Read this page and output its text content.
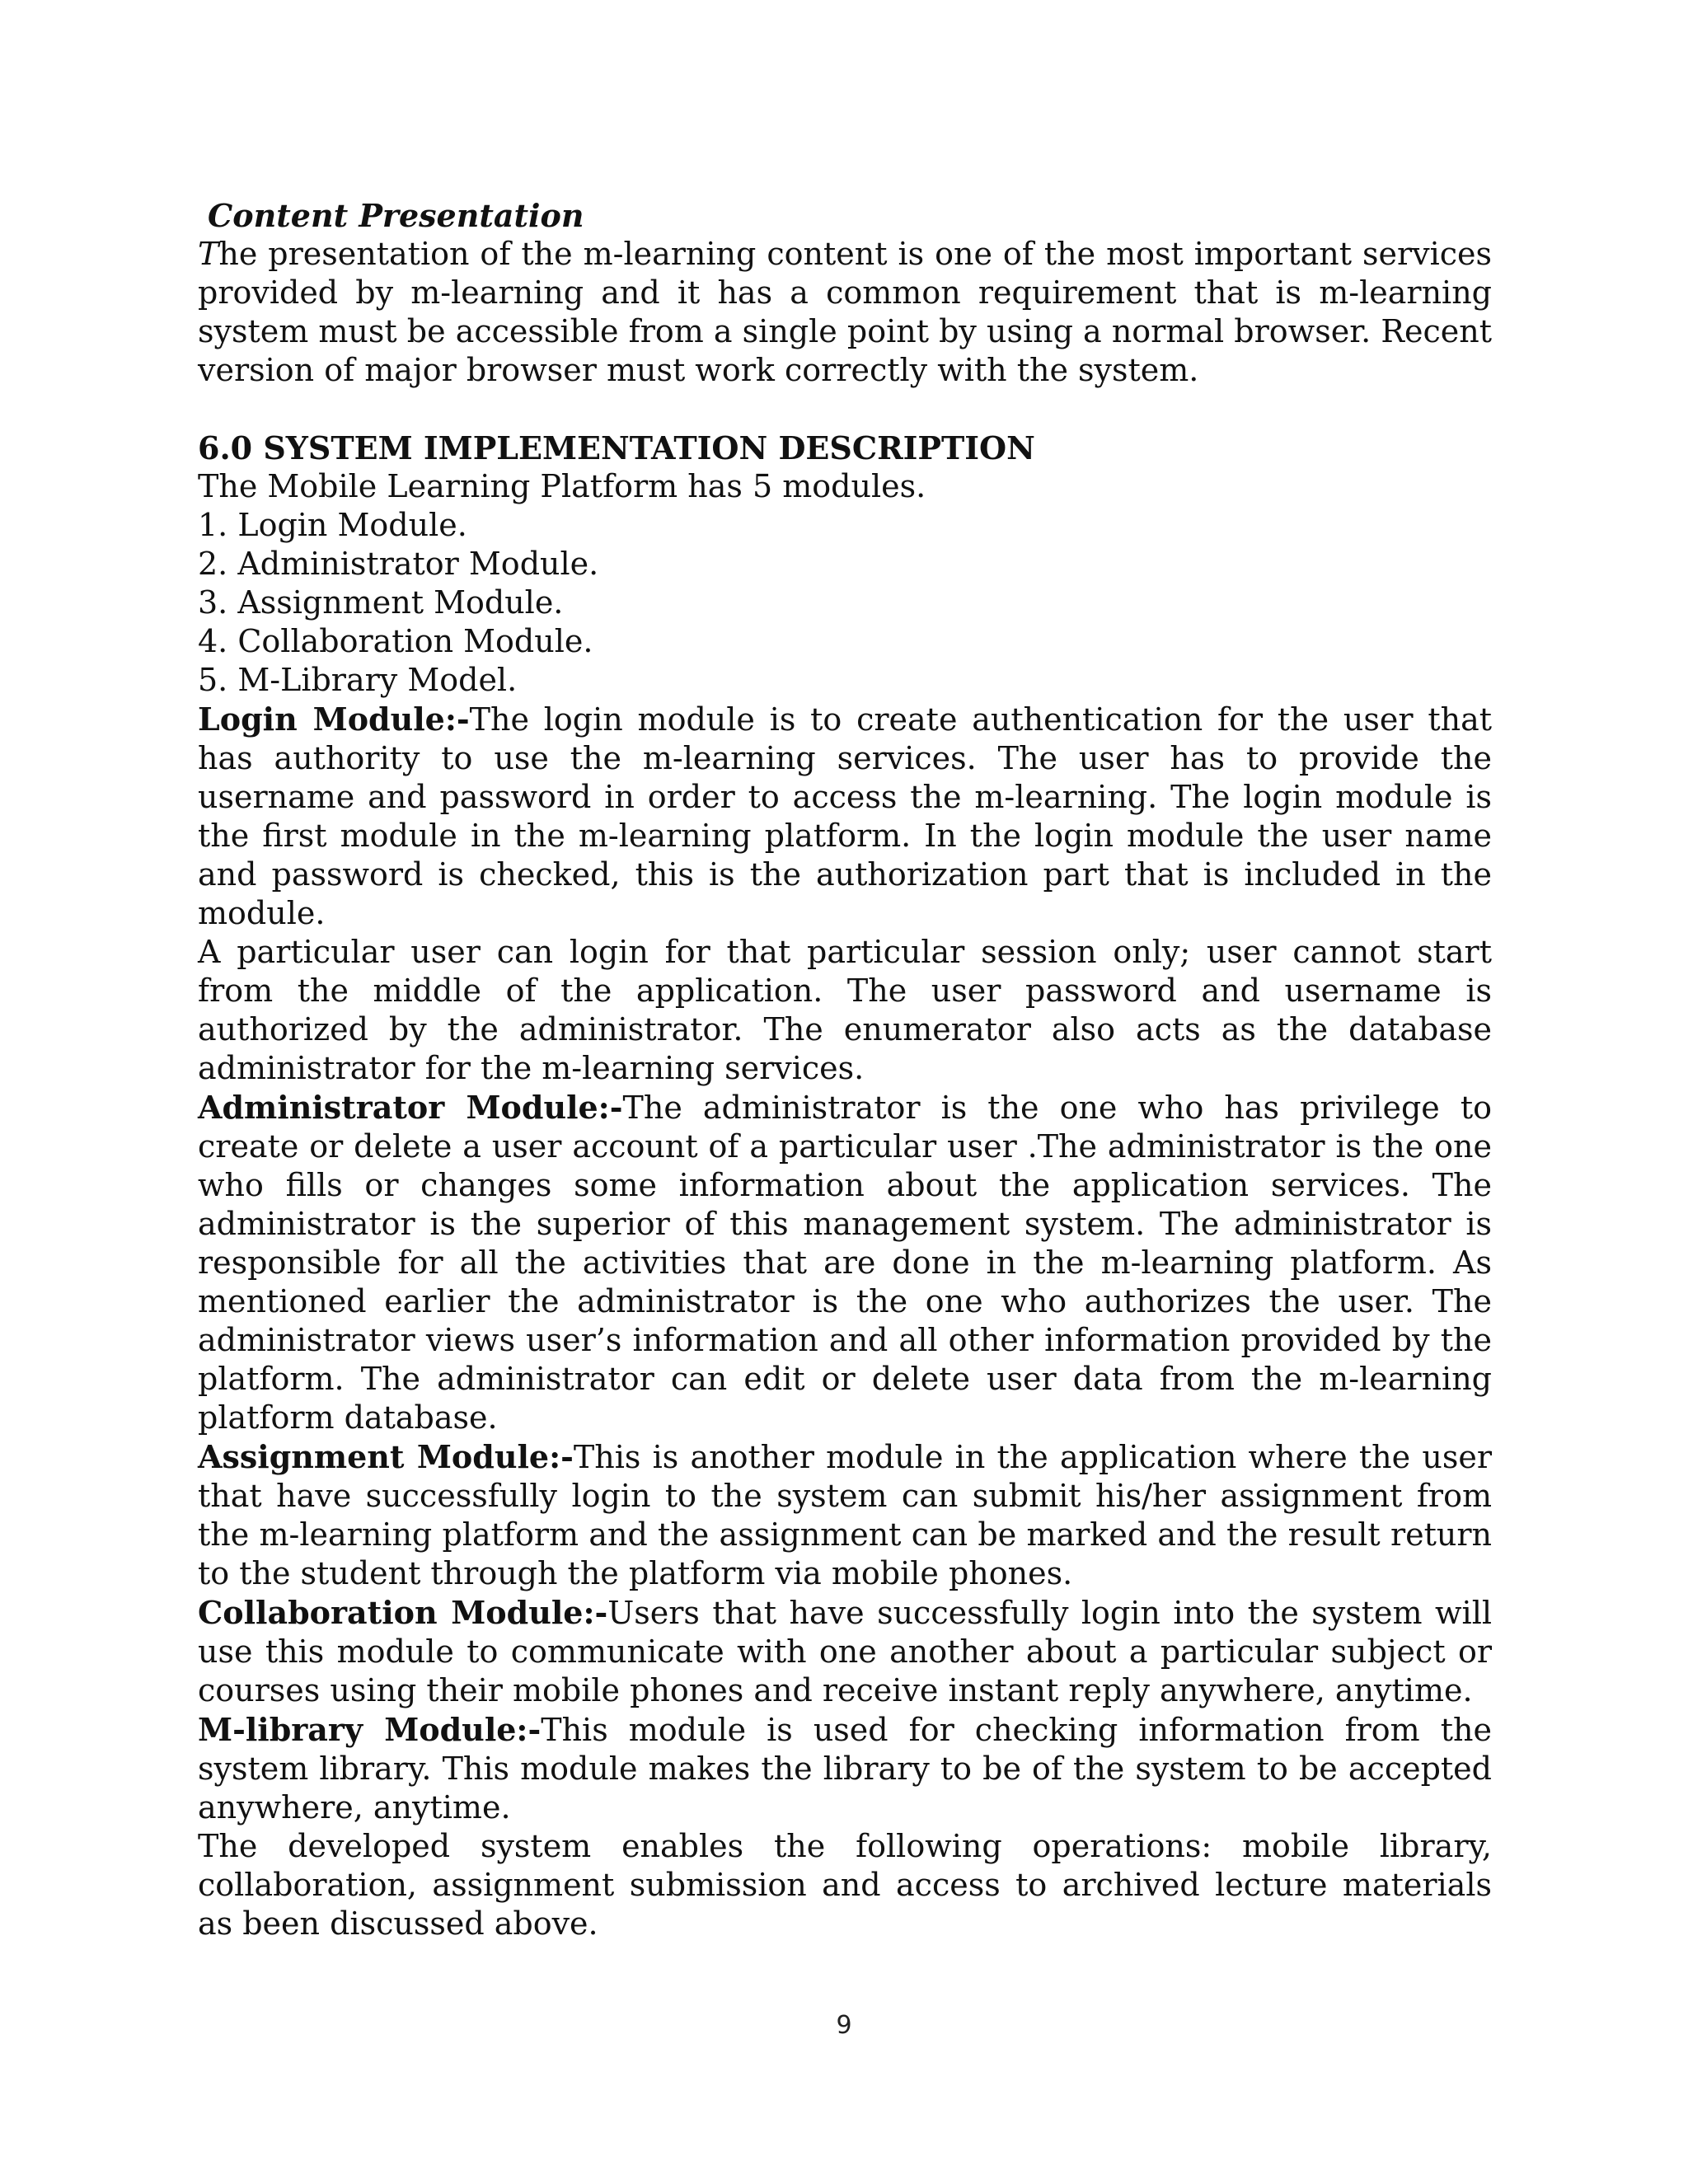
Content Presentation

The presentation of the m-learning content is one of the most important services provided by m-learning and it has a common requirement that is m-learning system must be accessible from a single point by using a normal browser. Recent version of major browser must work correctly with the system.

6.0 SYSTEM IMPLEMENTATION DESCRIPTION

The Mobile Learning Platform has 5 modules.

1. Login Module.
2. Administrator Module.
3. Assignment Module.
4. Collaboration Module.
5. M-Library Model.

Login Module:-The login module is to create authentication for the user that has authority to use the m-learning services. The user has to provide the username and password in order to access the m-learning. The login module is the first module in the m-learning platform. In the login module the user name and password is checked, this is the authorization part that is included in the module.

A particular user can login for that particular session only; user cannot start from the middle of the application. The user password and username is authorized by the administrator. The enumerator also acts as the database administrator for the m-learning services.

Administrator Module:-The administrator is the one who has privilege to create or delete a user account of a particular user .The administrator is the one who fills or changes some information about the application services. The administrator is the superior of this management system. The administrator is responsible for all the activities that are done in the m-learning platform. As mentioned earlier the administrator is the one who authorizes the user. The administrator views user’s information and all other information provided by the platform. The administrator can edit or delete user data from the m-learning platform database.

Assignment Module:-This is another module in the application where the user that have successfully login to the system can submit his/her assignment from the m-learning platform and the assignment can be marked and the result return to the student through the platform via mobile phones.

Collaboration Module:-Users that have successfully login into the system will use this module to communicate with one another about a particular subject or courses using their mobile phones and receive instant reply anywhere, anytime.

M-library Module:-This module is used for checking information from the system library. This module makes the library to be of the system to be accepted anywhere, anytime.

The developed system enables the following operations: mobile library, collaboration, assignment submission and access to archived lecture materials as been discussed above.

9
